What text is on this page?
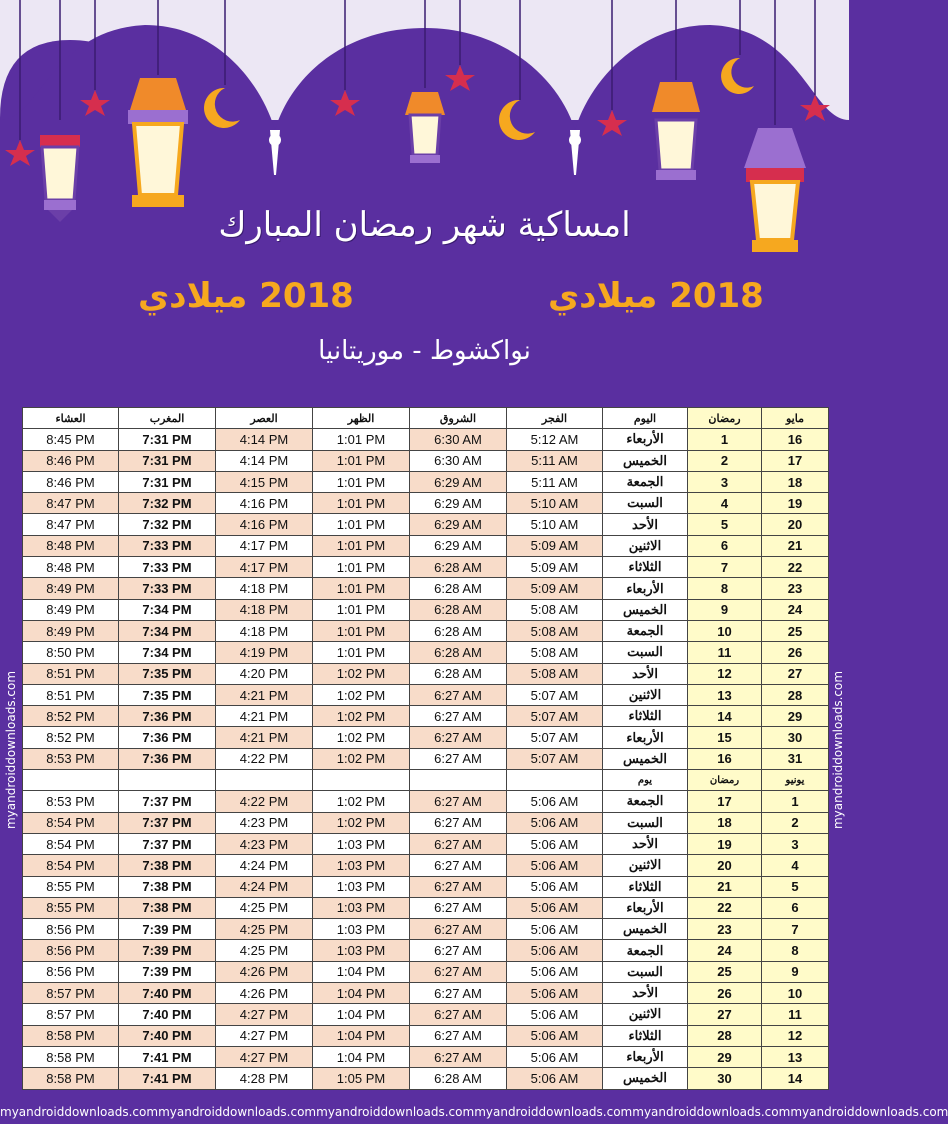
امساكية شهر رمضان المبارك
2018 ميلادي	2018 ميلادي
نواكشوط - موريتانيا
myandroiddownloads.com	myandroiddownloads.com
العشاء	المغرب	العصر	الظهر	الشروق	الفجر	اليوم	رمضان	مايو
8:45 PM	7:31 PM	4:14 PM	1:01 PM	6:30 AM	5:12 AM	الأربعاء	1	16
8:46 PM	7:31 PM	4:14 PM	1:01 PM	6:30 AM	5:11 AM	الخميس	2	17
8:46 PM	7:31 PM	4:15 PM	1:01 PM	6:29 AM	5:11 AM	الجمعة	3	18
8:47 PM	7:32 PM	4:16 PM	1:01 PM	6:29 AM	5:10 AM	السبت	4	19
8:47 PM	7:32 PM	4:16 PM	1:01 PM	6:29 AM	5:10 AM	الأحد	5	20
8:48 PM	7:33 PM	4:17 PM	1:01 PM	6:29 AM	5:09 AM	الاثنين	6	21
8:48 PM	7:33 PM	4:17 PM	1:01 PM	6:28 AM	5:09 AM	الثلاثاء	7	22
8:49 PM	7:33 PM	4:18 PM	1:01 PM	6:28 AM	5:09 AM	الأربعاء	8	23
8:49 PM	7:34 PM	4:18 PM	1:01 PM	6:28 AM	5:08 AM	الخميس	9	24
8:49 PM	7:34 PM	4:18 PM	1:01 PM	6:28 AM	5:08 AM	الجمعة	10	25
8:50 PM	7:34 PM	4:19 PM	1:01 PM	6:28 AM	5:08 AM	السبت	11	26
8:51 PM	7:35 PM	4:20 PM	1:02 PM	6:28 AM	5:08 AM	الأحد	12	27
8:51 PM	7:35 PM	4:21 PM	1:02 PM	6:27 AM	5:07 AM	الاثنين	13	28
8:52 PM	7:36 PM	4:21 PM	1:02 PM	6:27 AM	5:07 AM	الثلاثاء	14	29
8:52 PM	7:36 PM	4:21 PM	1:02 PM	6:27 AM	5:07 AM	الأربعاء	15	30
8:53 PM	7:36 PM	4:22 PM	1:02 PM	6:27 AM	5:07 AM	الخميس	16	31
						يوم	رمضان	يونيو
8:53 PM	7:37 PM	4:22 PM	1:02 PM	6:27 AM	5:06 AM	الجمعة	17	1
8:54 PM	7:37 PM	4:23 PM	1:02 PM	6:27 AM	5:06 AM	السبت	18	2
8:54 PM	7:37 PM	4:23 PM	1:03 PM	6:27 AM	5:06 AM	الأحد	19	3
8:54 PM	7:38 PM	4:24 PM	1:03 PM	6:27 AM	5:06 AM	الاثنين	20	4
8:55 PM	7:38 PM	4:24 PM	1:03 PM	6:27 AM	5:06 AM	الثلاثاء	21	5
8:55 PM	7:38 PM	4:25 PM	1:03 PM	6:27 AM	5:06 AM	الأربعاء	22	6
8:56 PM	7:39 PM	4:25 PM	1:03 PM	6:27 AM	5:06 AM	الخميس	23	7
8:56 PM	7:39 PM	4:25 PM	1:03 PM	6:27 AM	5:06 AM	الجمعة	24	8
8:56 PM	7:39 PM	4:26 PM	1:04 PM	6:27 AM	5:06 AM	السبت	25	9
8:57 PM	7:40 PM	4:26 PM	1:04 PM	6:27 AM	5:06 AM	الأحد	26	10
8:57 PM	7:40 PM	4:27 PM	1:04 PM	6:27 AM	5:06 AM	الاثنين	27	11
8:58 PM	7:40 PM	4:27 PM	1:04 PM	6:27 AM	5:06 AM	الثلاثاء	28	12
8:58 PM	7:41 PM	4:27 PM	1:04 PM	6:27 AM	5:06 AM	الأربعاء	29	13
8:58 PM	7:41 PM	4:28 PM	1:05 PM	6:28 AM	5:06 AM	الخميس	30	14
myandroiddownloads.com myandroiddownloads.com myandroiddownloads.com myandroiddownloads.com myandroiddownloads.com myandroiddownloads.com
